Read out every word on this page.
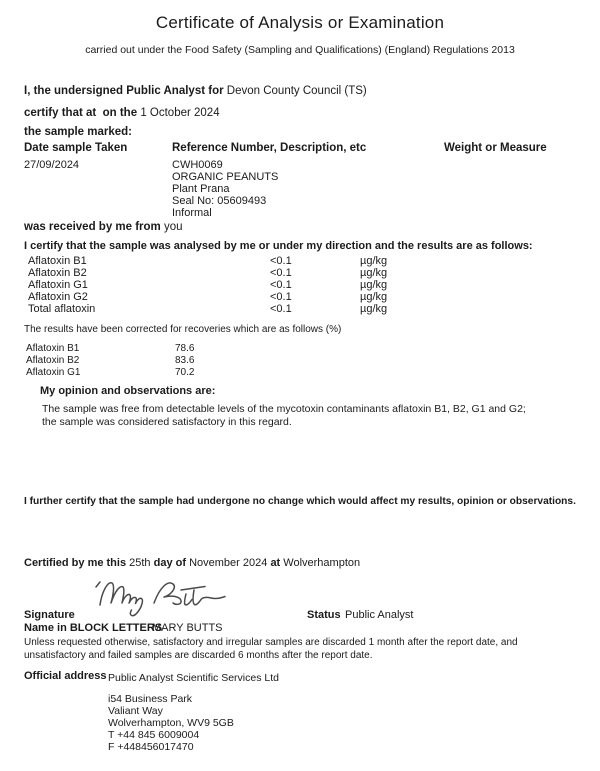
Certificate of Analysis or Examination
carried out under the Food Safety (Sampling and Qualifications) (England) Regulations 2013
I, the undersigned Public Analyst for Devon County Council (TS)
certify that at  on the 1 October 2024
the sample marked:
Date sample Taken	Reference Number, Description, etc	Weight or Measure
27/09/2024	CWH0069
ORGANIC PEANUTS
Plant Prana
Seal No: 05609493
Informal
was received by me from you
I certify that the sample was analysed by me or under my direction and the results are as follows:
Aflatoxin B1	<0.1	µg/kg
Aflatoxin B2	<0.1	µg/kg
Aflatoxin G1	<0.1	µg/kg
Aflatoxin G2	<0.1	µg/kg
Total aflatoxin	<0.1	µg/kg
The results have been corrected for recoveries which are as follows (%)
Aflatoxin B1	78.6
Aflatoxin B2	83.6
Aflatoxin G1	70.2
My opinion and observations are:
The sample was free from detectable levels of the mycotoxin contaminants aflatoxin B1, B2, G1 and G2;
the sample was considered satisfactory in this regard.
I further certify that the sample had undergone no change which would affect my results, opinion or observations.
Certified by me this 25th day of November 2024 at Wolverhampton
Signature	Status Public Analyst
Name in BLOCK LETTERS
MARY BUTTS
Unless requested otherwise, satisfactory and irregular samples are discarded 1 month after the report date, and
unsatisfactory and failed samples are discarded 6 months after the report date.
Official address Public Analyst Scientific Services Ltd
i54 Business Park
Valiant Way
Wolverhampton, WV9 5GB
T +44 845 6009004
F +448456017470
